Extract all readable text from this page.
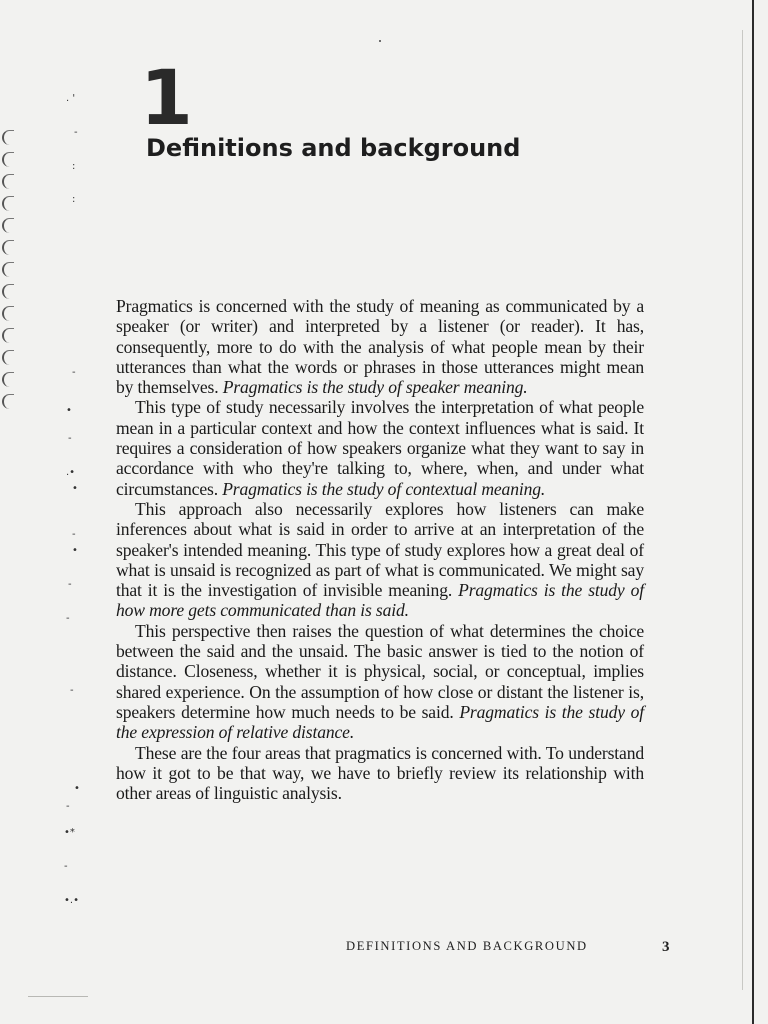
. '
-
:
:
-
•
-
.•
•
-
•
-
-
-
•
-
•*
-
•.•
1
Definitions and background

Pragmatics is concerned with the study of meaning as communicated by a speaker (or writer) and interpreted by a listener (or reader). It has, consequently, more to do with the analysis of what people mean by their utterances than what the words or phrases in those utterances might mean by themselves. Pragmatics is the study of speaker meaning.

This type of study necessarily involves the interpretation of what people mean in a particular context and how the context influences what is said. It requires a consideration of how speakers organize what they want to say in accordance with who they're talking to, where, when, and under what circumstances. Pragmatics is the study of contextual meaning.

This approach also necessarily explores how listeners can make inferences about what is said in order to arrive at an interpretation of the speaker's intended meaning. This type of study explores how a great deal of what is unsaid is recognized as part of what is communicated. We might say that it is the investigation of invisible meaning. Pragmatics is the study of how more gets communicated than is said.

This perspective then raises the question of what determines the choice between the said and the unsaid. The basic answer is tied to the notion of distance. Closeness, whether it is physical, social, or conceptual, implies shared experience. On the assumption of how close or distant the listener is, speakers determine how much needs to be said. Pragmatics is the study of the expression of relative distance.

These are the four areas that pragmatics is concerned with. To understand how it got to be that way, we have to briefly review its relationship with other areas of linguistic analysis.

DEFINITIONS AND BACKGROUND	3
